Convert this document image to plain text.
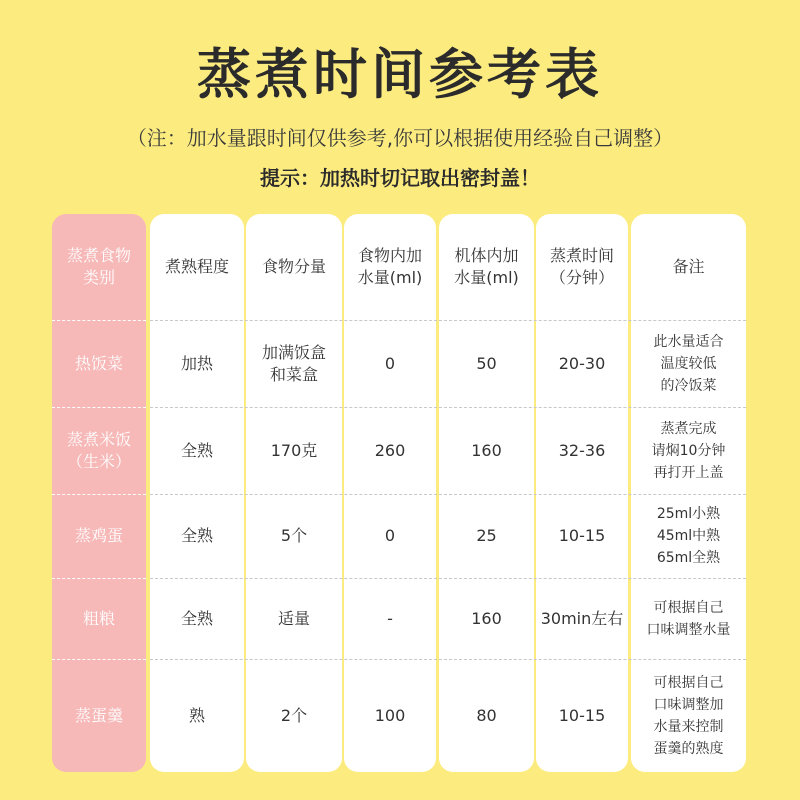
蒸煮时间参考表
（注：加水量跟时间仅供参考,你可以根据使用经验自己调整）
提示：加热时切记取出密封盖！
蒸煮食物
类别
热饭菜
蒸煮米饭
（生米）
蒸鸡蛋
粗粮
蒸蛋羹
煮熟程度
加热
全熟
全熟
全熟
熟
食物分量
加满饭盒
和菜盒
170克
5个
适量
2个
食物内加
水量(ml)
0
260
0
-
100
机体内加
水量(ml)
50
160
25
160
80
蒸煮时间
（分钟）
20-30
32-36
10-15
30min左右
10-15
备注
此水量适合
温度较低
的冷饭菜
蒸煮完成
请焖10分钟
再打开上盖
25ml小熟
45ml中熟
65ml全熟
可根据自己
口味调整水量
可根据自己
口味调整加
水量来控制
蛋羹的熟度
